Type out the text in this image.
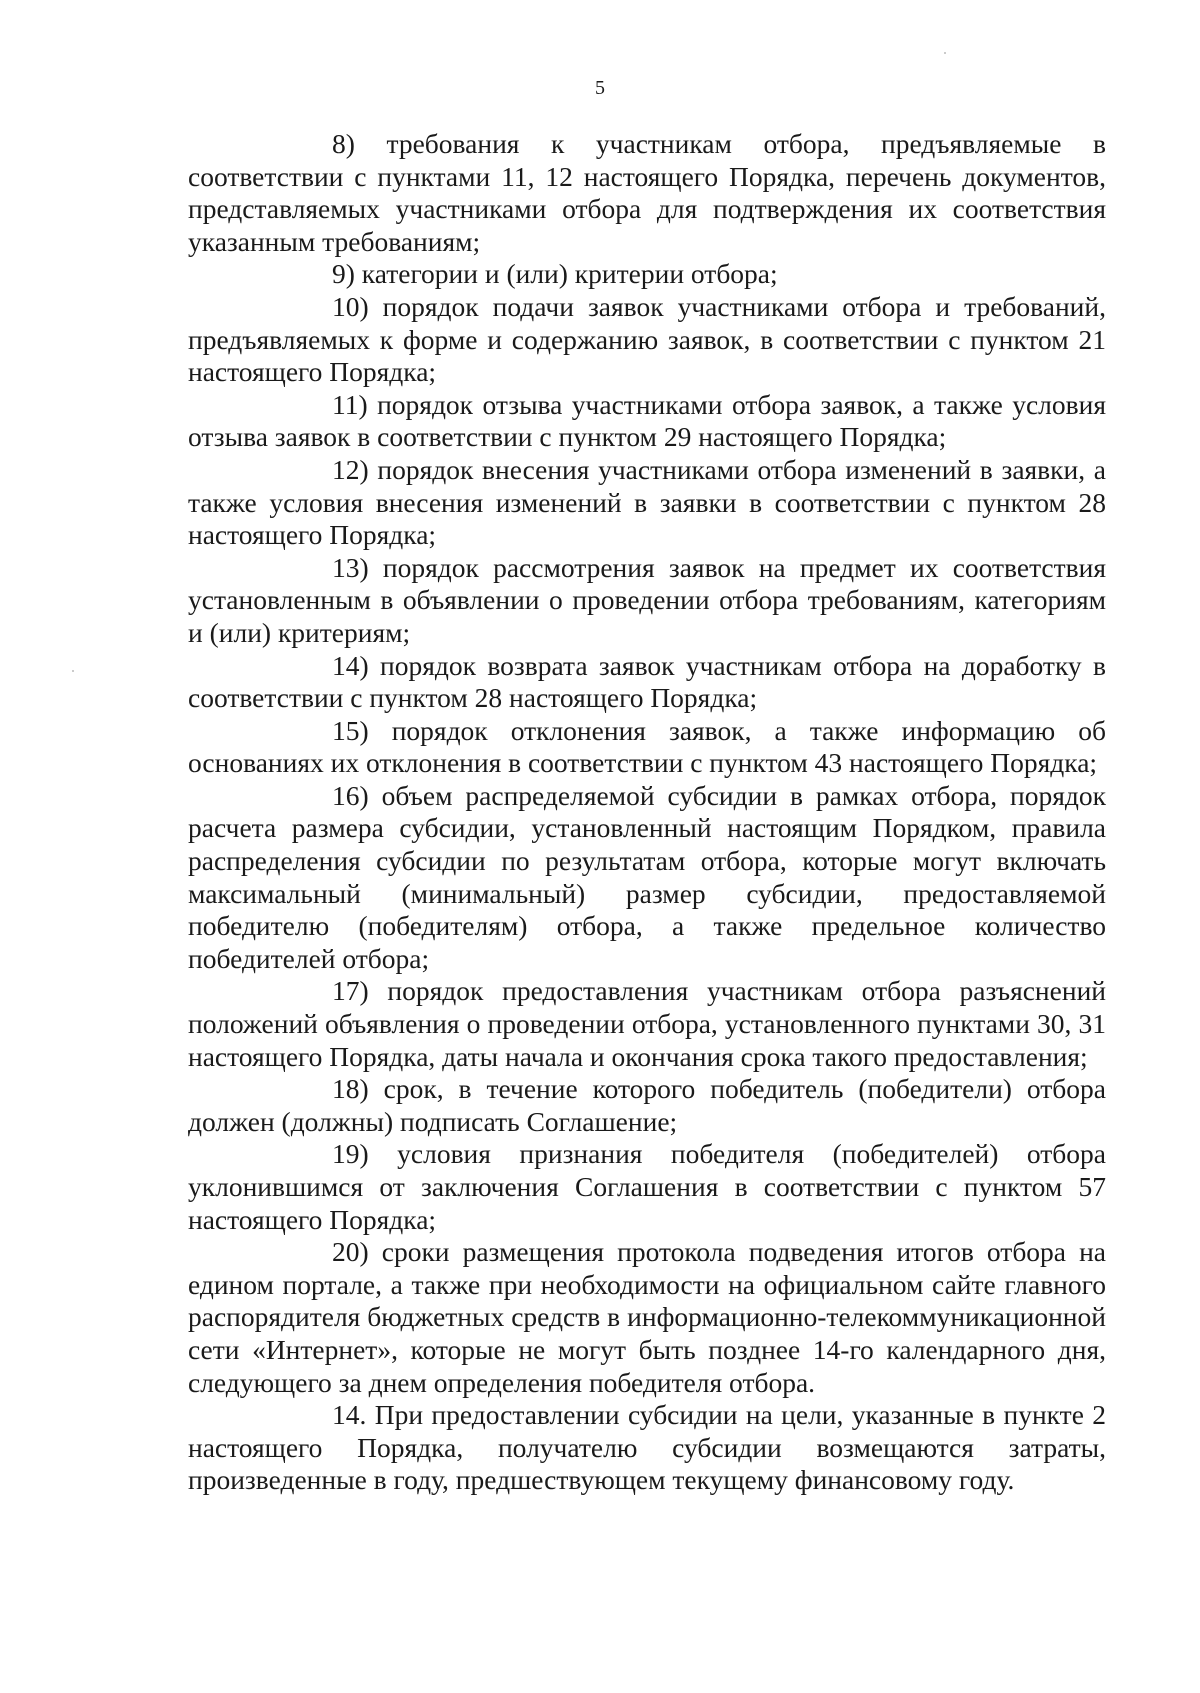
5

8) требования к участникам отбора, предъявляемые в соответствии с пунктами 11, 12 настоящего Порядка, перечень документов, представляемых участниками отбора для подтверждения их соответствия указанным требованиям;

9) категории и (или) критерии отбора;

10) порядок подачи заявок участниками отбора и требований, предъявляемых к форме и содержанию заявок, в соответствии с пунктом 21 настоящего Порядка;

11) порядок отзыва участниками отбора заявок, а также условия отзыва заявок в соответствии с пунктом 29 настоящего Порядка;

12) порядок внесения участниками отбора изменений в заявки, а также условия внесения изменений в заявки в соответствии с пунктом 28 настоящего Порядка;

13) порядок рассмотрения заявок на предмет их соответствия установленным в объявлении о проведении отбора требованиям, категориям и (или) критериям;

14) порядок возврата заявок участникам отбора на доработку в соответствии с пунктом 28 настоящего Порядка;

15) порядок отклонения заявок, а также информацию об основаниях их отклонения в соответствии с пунктом 43 настоящего Порядка;

16) объем распределяемой субсидии в рамках отбора, порядок расчета размера субсидии, установленный настоящим Порядком, правила распределения субсидии по результатам отбора, которые могут включать максимальный (минимальный) размер субсидии, предоставляемой победителю (победителям) отбора, а также предельное количество победителей отбора;

17) порядок предоставления участникам отбора разъяснений положений объявления о проведении отбора, установленного пунктами 30, 31 настоящего Порядка, даты начала и окончания срока такого предоставления;

18) срок, в течение которого победитель (победители) отбора должен (должны) подписать Соглашение;

19) условия признания победителя (победителей) отбора уклонившимся от заключения Соглашения в соответствии с пунктом 57 настоящего Порядка;

20) сроки размещения протокола подведения итогов отбора на едином портале, а также при необходимости на официальном сайте главного распорядителя бюджетных средств в информационно-телекоммуникационной сети «Интернет», которые не могут быть позднее 14-го календарного дня, следующего за днем определения победителя отбора.

14. При предоставлении субсидии на цели, указанные в пункте 2 настоящего Порядка, получателю субсидии возмещаются затраты, произведенные в году, предшествующем текущему финансовому году.
